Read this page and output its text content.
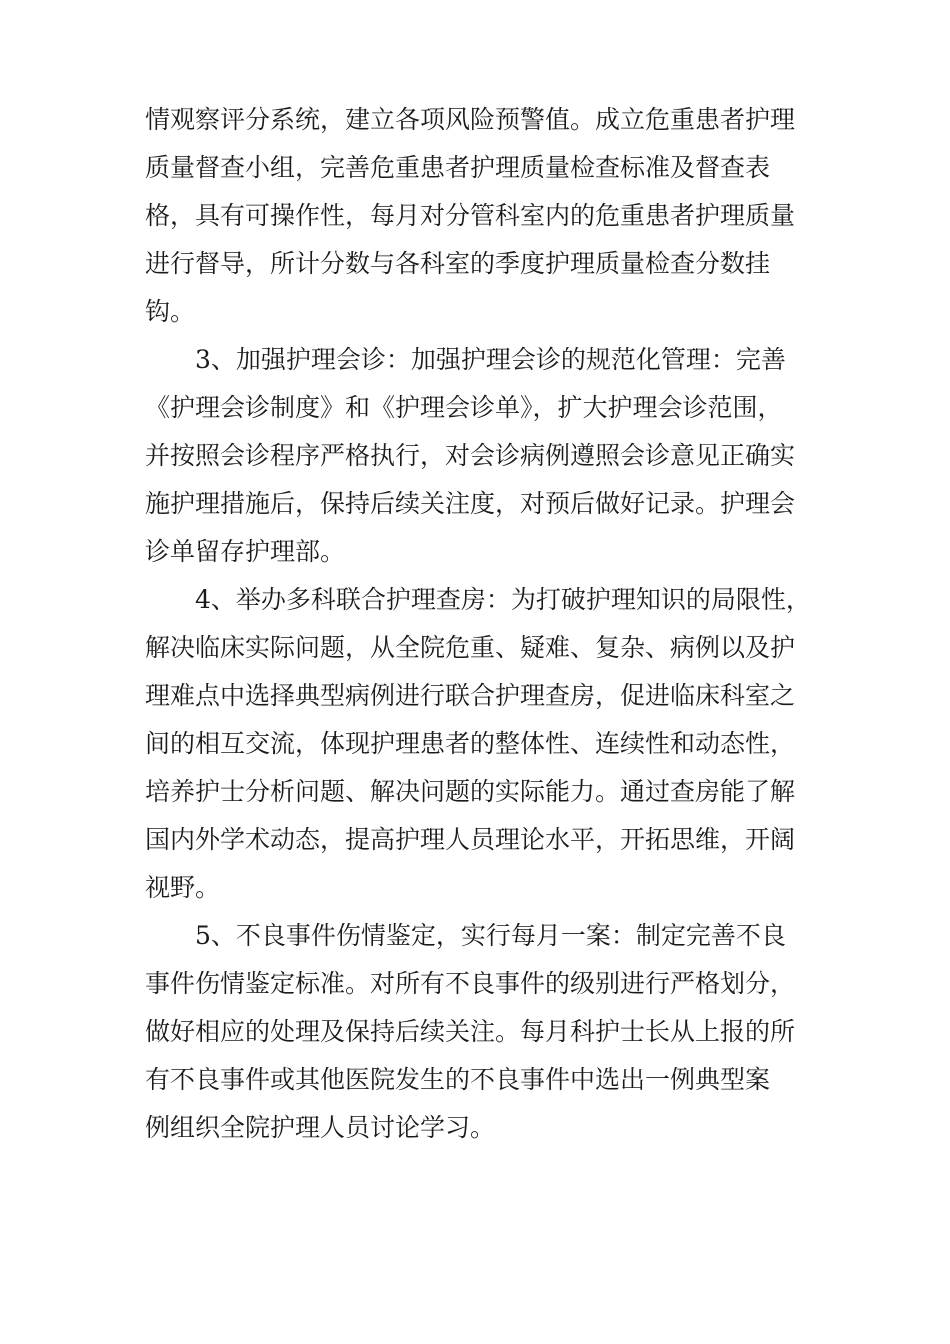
情观察评分系统，建立各项风险预警值。成立危重患者护理
质量督查小组，完善危重患者护理质量检查标准及督查表
格，具有可操作性，每月对分管科室内的危重患者护理质量
进行督导，所计分数与各科室的季度护理质量检查分数挂
钩。
3、加强护理会诊：加强护理会诊的规范化管理：完善
《护理会诊制度》和《护理会诊单》，扩大护理会诊范围，
并按照会诊程序严格执行，对会诊病例遵照会诊意见正确实
施护理措施后，保持后续关注度，对预后做好记录。护理会
诊单留存护理部。
4、举办多科联合护理查房：为打破护理知识的局限性，
解决临床实际问题，从全院危重、疑难、复杂、病例以及护
理难点中选择典型病例进行联合护理查房，促进临床科室之
间的相互交流，体现护理患者的整体性、连续性和动态性，
培养护士分析问题、解决问题的实际能力。通过查房能了解
国内外学术动态，提高护理人员理论水平，开拓思维，开阔
视野。
5、不良事件伤情鉴定，实行每月一案：制定完善不良
事件伤情鉴定标准。对所有不良事件的级别进行严格划分，
做好相应的处理及保持后续关注。每月科护士长从上报的所
有不良事件或其他医院发生的不良事件中选出一例典型案
例组织全院护理人员讨论学习。
